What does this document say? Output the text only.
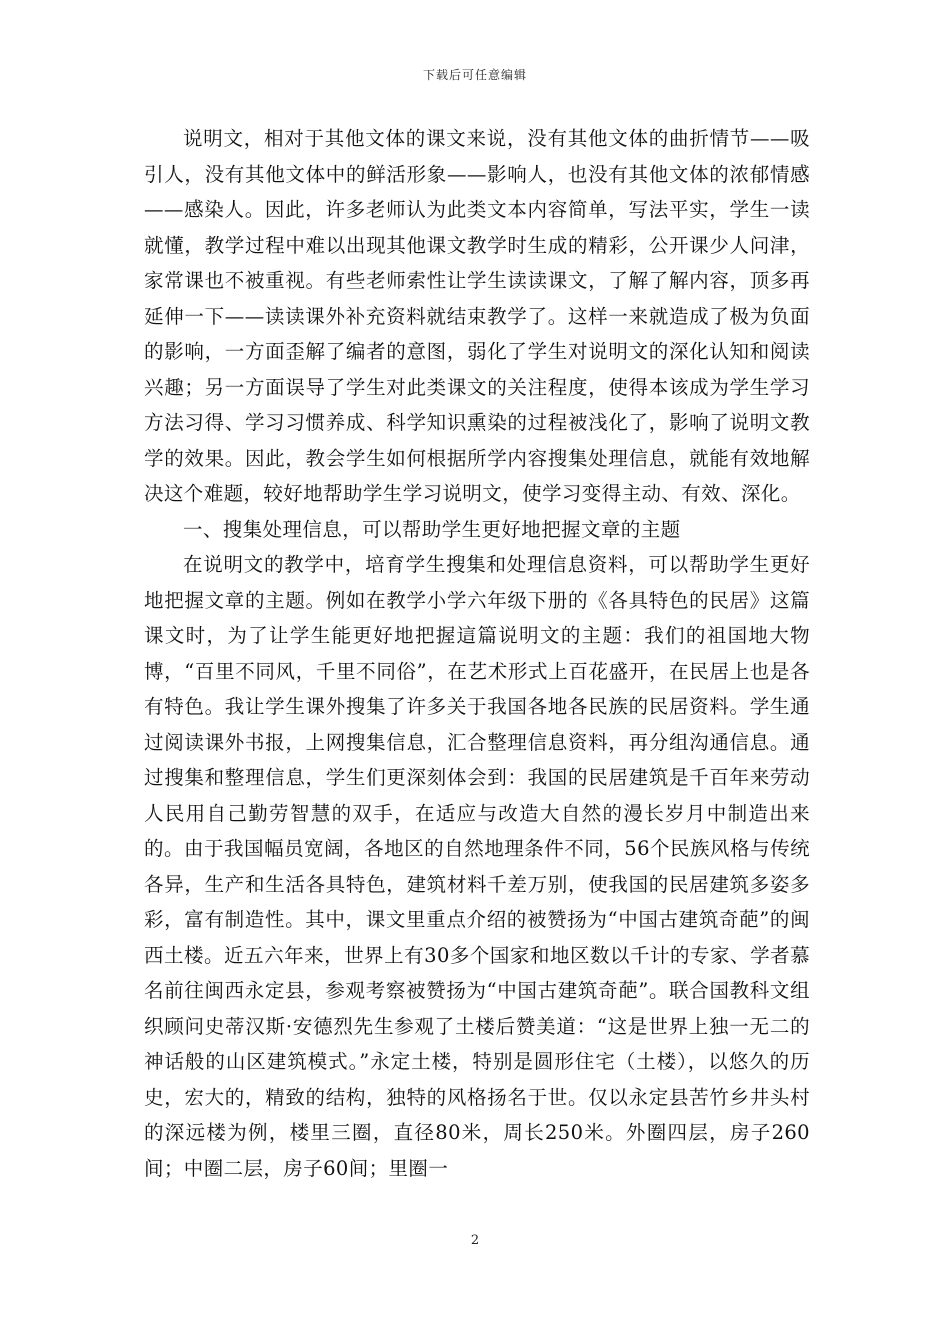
下载后可任意编辑

说明文，相对于其他文体的课文来说，没有其他文体的曲折情节——吸引人，没有其他文体中的鲜活形象——影响人，也没有其他文体的浓郁情感——感染人。因此，许多老师认为此类文本内容简单，写法平实，学生一读就懂，教学过程中难以出现其他课文教学时生成的精彩，公开课少人问津，家常课也不被重视。有些老师索性让学生读读课文，了解了解内容，顶多再延伸一下——读读课外补充资料就结束教学了。这样一来就造成了极为负面的影响，一方面歪解了编者的意图，弱化了学生对说明文的深化认知和阅读兴趣；另一方面误导了学生对此类课文的关注程度，使得本该成为学生学习方法习得、学习习惯养成、科学知识熏染的过程被浅化了，影响了说明文教学的效果。因此，教会学生如何根据所学内容搜集处理信息，就能有效地解决这个难题，较好地帮助学生学习说明文，使学习变得主动、有效、深化。

一、搜集处理信息，可以帮助学生更好地把握文章的主题

在说明文的教学中，培育学生搜集和处理信息资料，可以帮助学生更好地把握文章的主题。例如在教学小学六年级下册的《各具特色的民居》这篇课文时，为了让学生能更好地把握這篇说明文的主题：我们的祖国地大物博，“百里不同风，千里不同俗”，在艺术形式上百花盛开，在民居上也是各有特色。我让学生课外搜集了许多关于我国各地各民族的民居资料。学生通过阅读课外书报，上网搜集信息，汇合整理信息资料，再分组沟通信息。通过搜集和整理信息，学生们更深刻体会到：我国的民居建筑是千百年来劳动人民用自己勤劳智慧的双手，在适应与改造大自然的漫长岁月中制造出来的。由于我国幅员宽阔，各地区的自然地理条件不同，56个民族风格与传统各异，生产和生活各具特色，建筑材料千差万别，使我国的民居建筑多姿多彩，富有制造性。其中，课文里重点介绍的被赞扬为“中国古建筑奇葩”的闽西土楼。近五六年来，世界上有30多个国家和地区数以千计的专家、学者慕名前往闽西永定县，参观考察被赞扬为“中国古建筑奇葩”。联合国教科文组织顾问史蒂汉斯·安德烈先生参观了土楼后赞美道：“这是世界上独一无二的神话般的山区建筑模式。”永定土楼，特别是圆形住宅（土楼），以悠久的历史，宏大的，精致的结构，独特的风格扬名于世。仅以永定县苦竹乡井头村的深远楼为例，楼里三圈，直径80米，周长250米。外圈四层，房子260间；中圈二层，房子60间；里圈一

2
